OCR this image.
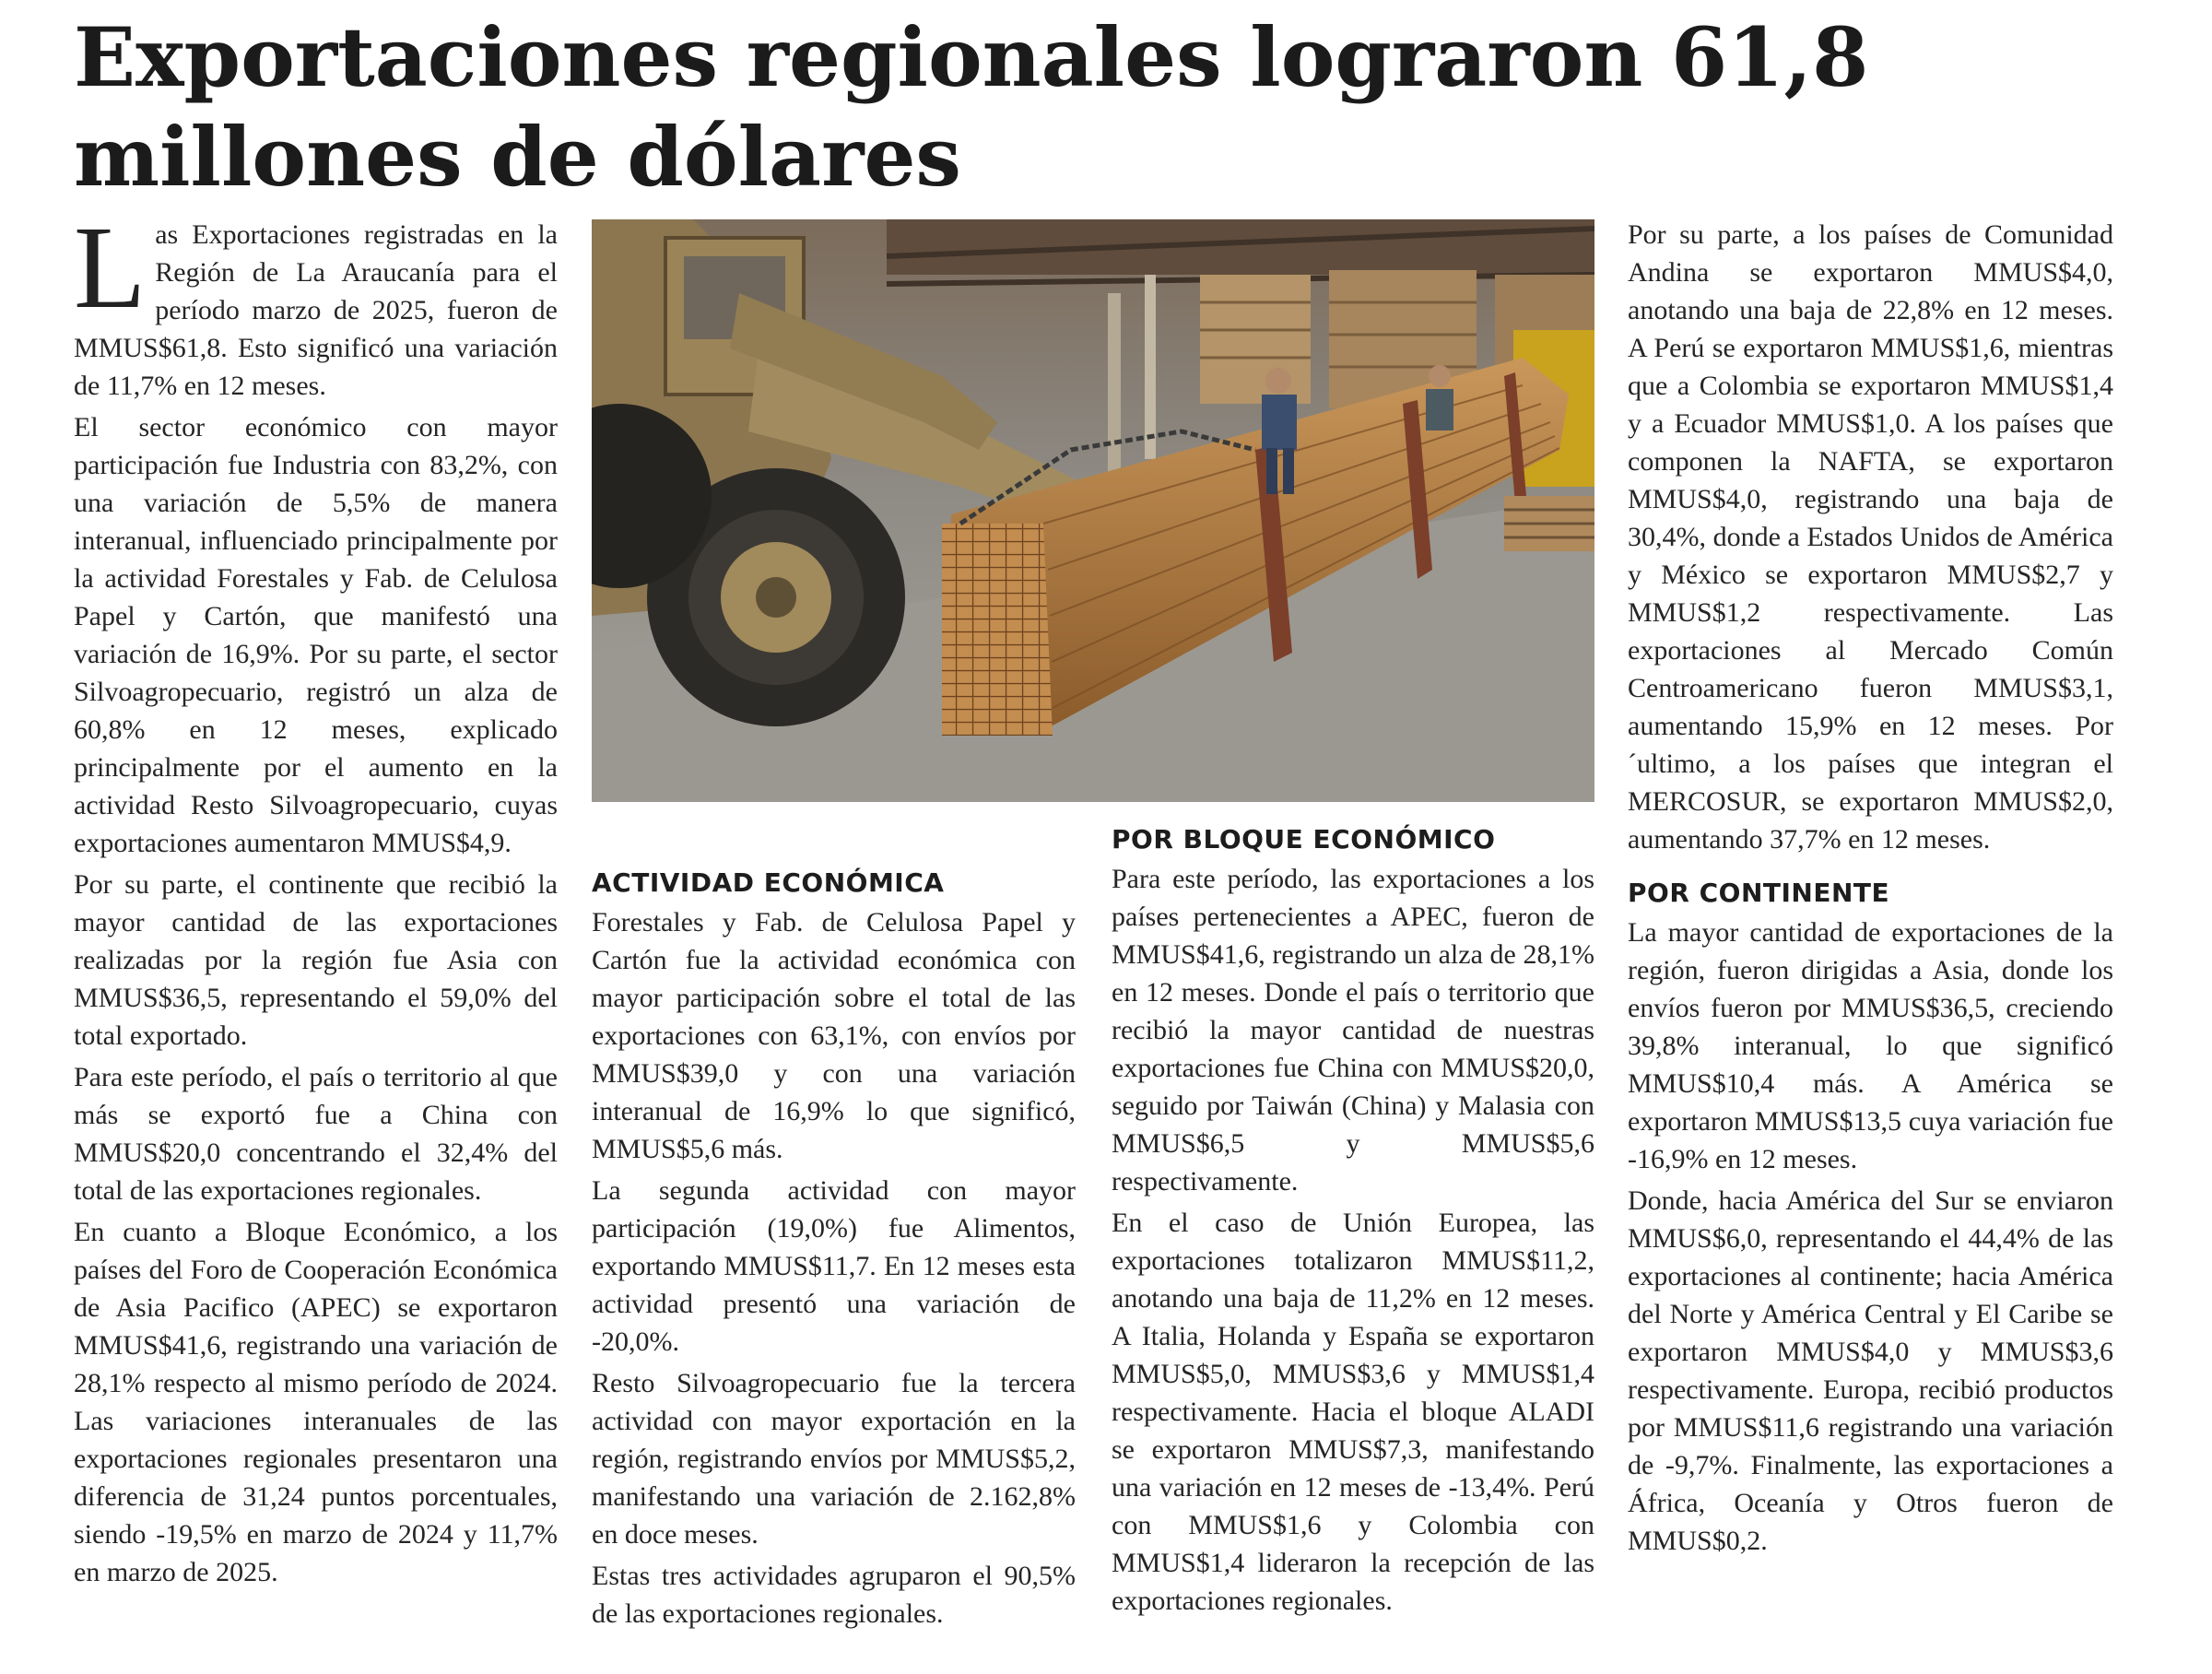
Exportaciones regionales lograron 61,8 millones de dólares

Las Exportaciones registradas en la Región de La Araucanía para el período marzo de 2025, fueron de MMUS$61,8. Esto significó una variación de 11,7% en 12 meses.

El sector económico con mayor participación fue Industria con 83,2%, con una variación de 5,5% de manera interanual, influenciado principalmente por la actividad Forestales y Fab. de Celulosa Papel y Cartón, que manifestó una variación de 16,9%. Por su parte, el sector Silvoagropecuario, registró un alza de 60,8% en 12 meses, explicado principalmente por el aumento en la actividad Resto Silvoagropecuario, cuyas exportaciones aumentaron MMUS$4,9.

Por su parte, el continente que recibió la mayor cantidad de las exportaciones realizadas por la región fue Asia con MMUS$36,5, representando el 59,0% del total exportado.

Para este período, el país o territorio al que más se exportó fue a China con MMUS$20,0 concentrando el 32,4% del total de las exportaciones regionales.

En cuanto a Bloque Económico, a los países del Foro de Cooperación Económica de Asia Pacifico (APEC) se exportaron MMUS$41,6, registrando una variación de 28,1% respecto al mismo período de 2024. Las variaciones interanuales de las exportaciones regionales presentaron una diferencia de 31,24 puntos porcentuales, siendo -19,5% en marzo de 2024 y 11,7% en marzo de 2025.

ACTIVIDAD ECONÓMICA

Forestales y Fab. de Celulosa Papel y Cartón fue la actividad económica con mayor participación sobre el total de las exportaciones con 63,1%, con envíos por MMUS$39,0 y con una variación interanual de 16,9% lo que significó, MMUS$5,6 más.

La segunda actividad con mayor participación (19,0%) fue Alimentos, exportando MMUS$11,7. En 12 meses esta actividad presentó una variación de -20,0%.

Resto Silvoagropecuario fue la tercera actividad con mayor exportación en la región, registrando envíos por MMUS$5,2, manifestando una variación de 2.162,8% en doce meses.

Estas tres actividades agruparon el 90,5% de las exportaciones regionales.

POR BLOQUE ECONÓMICO

Para este período, las exportaciones a los países pertenecientes a APEC, fueron de MMUS$41,6, registrando un alza de 28,1% en 12 meses. Donde el país o territorio que recibió la mayor cantidad de nuestras exportaciones fue China con MMUS$20,0, seguido por Taiwán (China) y Malasia con MMUS$6,5 y MMUS$5,6 respectivamente.

En el caso de Unión Europea, las exportaciones totalizaron MMUS$11,2, anotando una baja de 11,2% en 12 meses. A Italia, Holanda y España se exportaron MMUS$5,0, MMUS$3,6 y MMUS$1,4 respectivamente. Hacia el bloque ALADI se exportaron MMUS$7,3, manifestando una variación en 12 meses de -13,4%. Perú con MMUS$1,6 y Colombia con MMUS$1,4 lideraron la recepción de las exportaciones regionales.

Por su parte, a los países de Comunidad Andina se exportaron MMUS$4,0, anotando una baja de 22,8% en 12 meses. A Perú se exportaron MMUS$1,6, mientras que a Colombia se exportaron MMUS$1,4 y a Ecuador MMUS$1,0. A los países que componen la NAFTA, se exportaron MMUS$4,0, registrando una baja de 30,4%, donde a Estados Unidos de América y México se exportaron MMUS$2,7 y MMUS$1,2 respectivamente. Las exportaciones al Mercado Común Centroamericano fueron MMUS$3,1, aumentando 15,9% en 12 meses. Por ´ultimo, a los países que integran el MERCOSUR, se exportaron MMUS$2,0, aumentando 37,7% en 12 meses.

POR CONTINENTE

La mayor cantidad de exportaciones de la región, fueron dirigidas a Asia, donde los envíos fueron por MMUS$36,5, creciendo 39,8% interanual, lo que significó MMUS$10,4 más. A América se exportaron MMUS$13,5 cuya variación fue -16,9% en 12 meses.

Donde, hacia América del Sur se enviaron MMUS$6,0, representando el 44,4% de las exportaciones al continente; hacia América del Norte y América Central y El Caribe se exportaron MMUS$4,0 y MMUS$3,6 respectivamente. Europa, recibió productos por MMUS$11,6 registrando una variación de -9,7%. Finalmente, las exportaciones a África, Oceanía y Otros fueron de MMUS$0,2.
